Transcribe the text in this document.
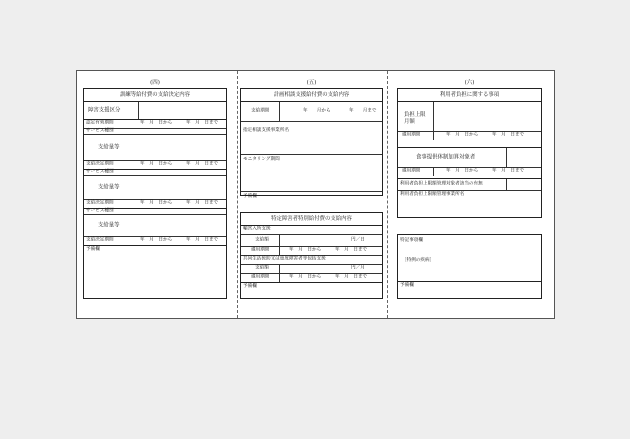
(四)
訓練等給付費の支給決定内容
障害支援区分
認定有効期間	年　月　日から　　　年　月　日まで
サービス種別
支給量等
支給決定期間	年　月　日から　　　年　月　日まで
サービス種別
支給量等
支給決定期間	年　月　日から　　　年　月　日まで
サービス種別
支給量等
支給決定期間	年　月　日から　　　年　月　日まで
予備欄
(五)
計画相談支援給付費の支給内容
支給期間	年　　月から　　　　年　　月まで
指定相談支援事業所名
モニタリング期間
予備欄
特定障害者特別給付費の支給内容
輸営入所支援
支給額	円／日
適用期間	年　月　日から　　　年　月　日まで
共同生活援助又は重度障害者等包括支援
支給額	円／月
適用期間	年　月　日から　　　年　月　日まで
予備欄
(六)
利用者負担に関する事項
負担上限月額
適用期間	年　月　日から　　　年　月　日まで
食事提供体制加算対象者
適用期間	年　月　日から　　　年　月　日まで
利用者負担上限額管理対象者該当の有無
利用者負担上限額管理事業所名
特記事項欄
［特例の疾病］
予備欄
